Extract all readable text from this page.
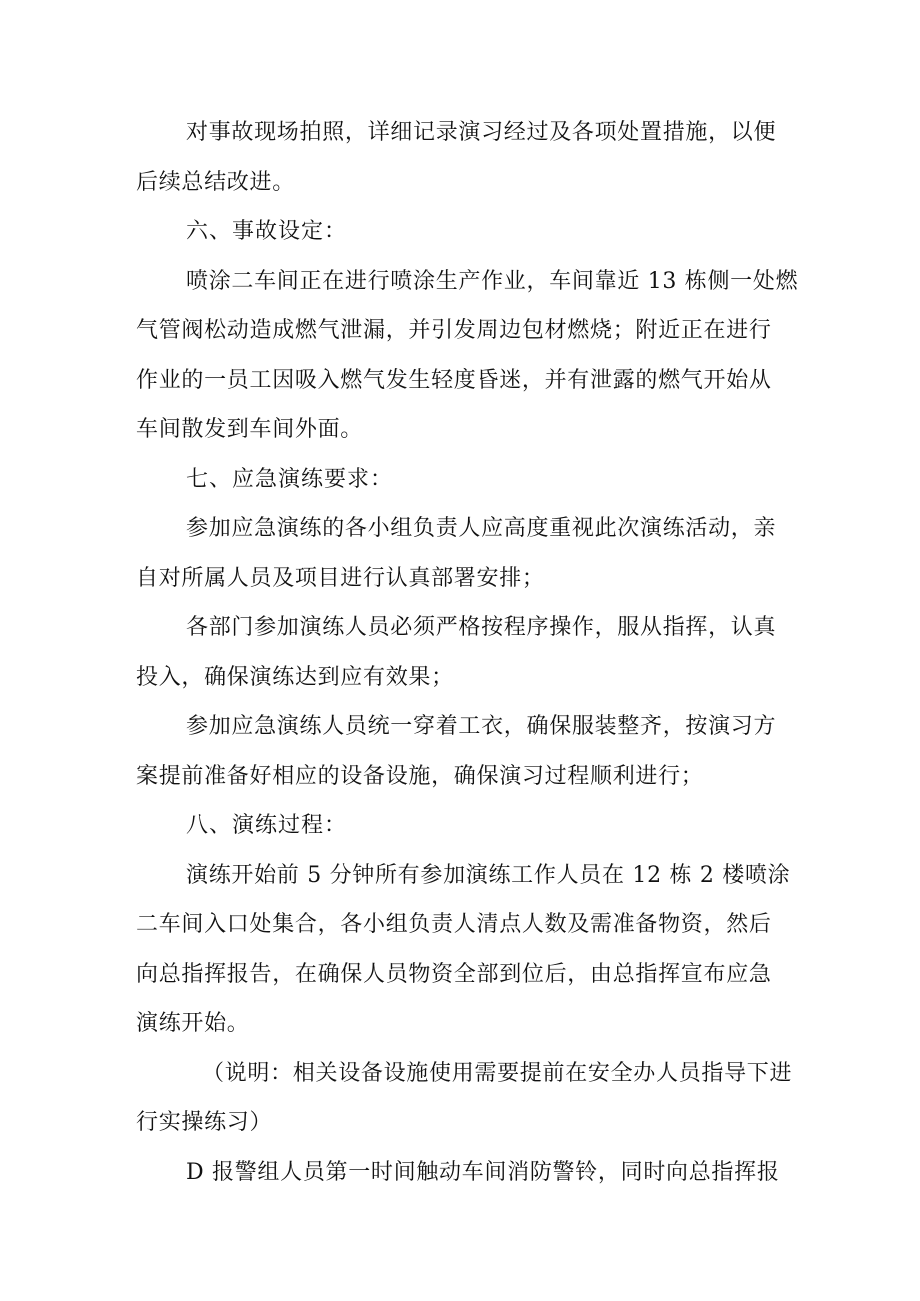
对事故现场拍照，详细记录演习经过及各项处置措施，以便
后续总结改进。
六、事故设定：
喷涂二车间正在进行喷涂生产作业，车间靠近 13 栋侧一处燃
气管阀松动造成燃气泄漏，并引发周边包材燃烧；附近正在进行
作业的一员工因吸入燃气发生轻度昏迷，并有泄露的燃气开始从
车间散发到车间外面。
七、应急演练要求：
参加应急演练的各小组负责人应高度重视此次演练活动，亲
自对所属人员及项目进行认真部署安排；
各部门参加演练人员必须严格按程序操作，服从指挥，认真
投入，确保演练达到应有效果；
参加应急演练人员统一穿着工衣，确保服装整齐，按演习方
案提前准备好相应的设备设施，确保演习过程顺利进行；
八、演练过程：
演练开始前 5 分钟所有参加演练工作人员在 12 栋 2 楼喷涂
二车间入口处集合，各小组负责人清点人数及需准备物资，然后
向总指挥报告，在确保人员物资全部到位后，由总指挥宣布应急
演练开始。
（说明：相关设备设施使用需要提前在安全办人员指导下进
行实操练习）
D 报警组人员第一时间触动车间消防警铃，同时向总指挥报
